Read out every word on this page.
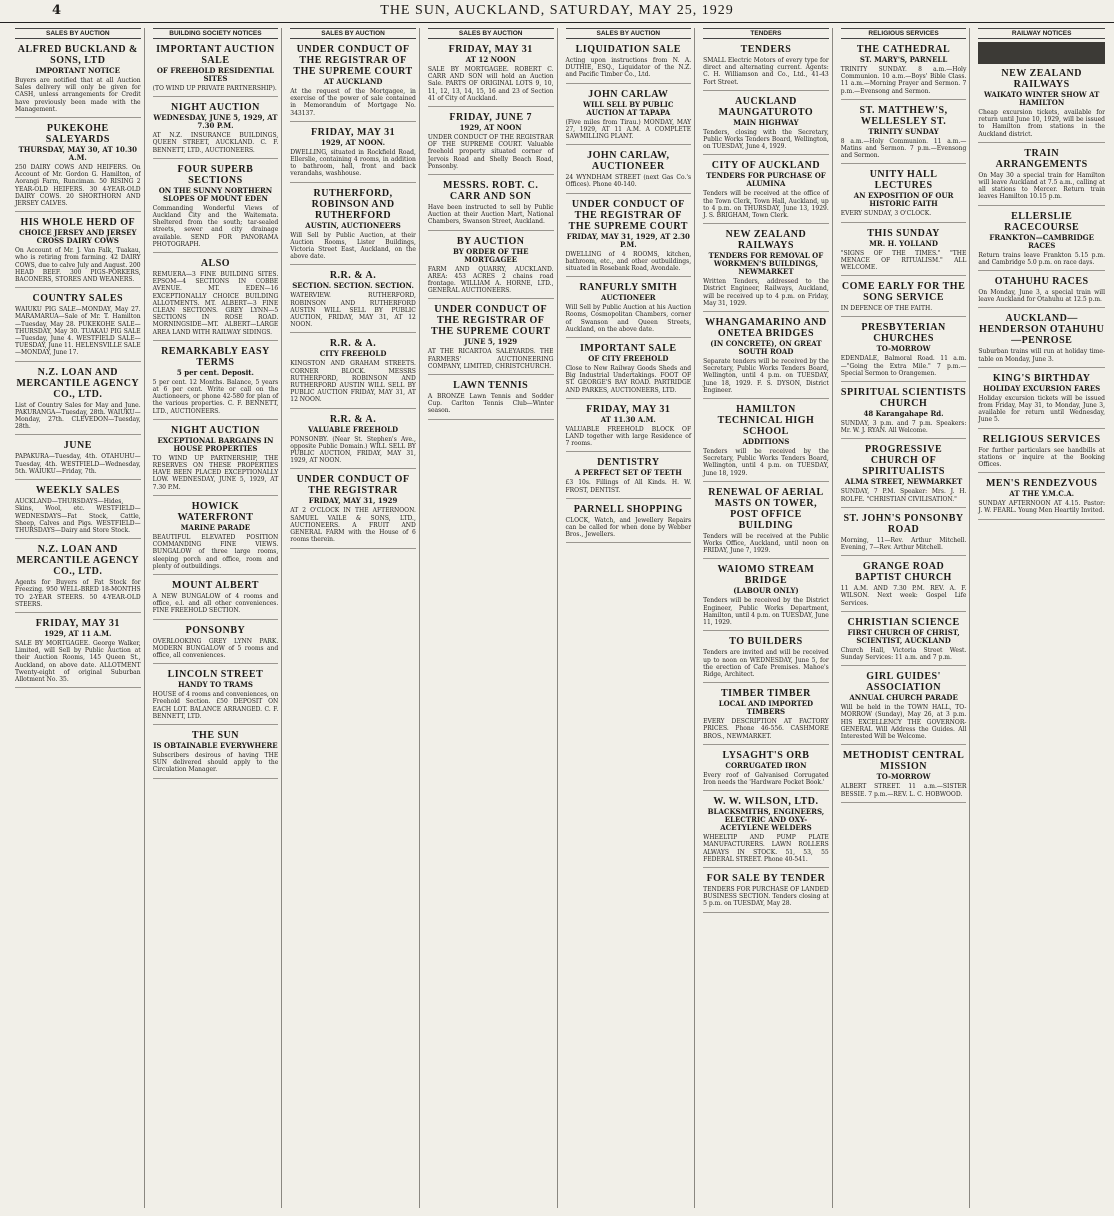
4	THE SUN, AUCKLAND, SATURDAY, MAY 25, 1929
SALES BY AUCTION
ALFRED BUCKLAND & SONS, LTD
IMPORTANT NOTICE
Buyers are notified that at all Auction Sales delivery will only be given for CASH, unless arrangements for Credit have previously been made with the Management.
PUKEKOHE SALEYARDS
THURSDAY, MAY 30, AT 10.30 A.M.
250 DAIRY COWS AND HEIFERS. On Account of Mr. Gordon G. Hamilton, of Aorangi Farm, Runciman. 50 RISING 2 YEAR-OLD HEIFERS. 30 4-YEAR-OLD DAIRY COWS. 20 SHORTHORN AND JERSEY CALVES.
HIS WHOLE HERD OF
CHOICE JERSEY AND JERSEY CROSS DAIRY COWS
On Account of Mr. J. Van Falk, Tuakau, who is retiring from farming. 42 DAIRY COWS, due to calve July and August. 200 HEAD BEEF. 300 PIGS-PORKERS, BACONERS, STORES AND WEANERS.
COUNTRY SALES
WAIUKU PIG SALE—MONDAY, May 27. MARAMARUA—Sale of Mr. T. Hamilton—Tuesday, May 28. PUKEKOHE SALE—THURSDAY, May 30. TUAKAU PIG SALE—Tuesday, June 4. WESTFIELD SALE—TUESDAY, June 11. HELENSVILLE SALE—MONDAY, June 17.
N.Z. LOAN AND MERCANTILE AGENCY CO., LTD.
List of Country Sales for May and June. PAKURANGA—Tuesday, 28th. WAIUKU—Monday, 27th. CLEVEDON—Tuesday, 28th.
JUNE
PAPAKURA—Tuesday, 4th. OTAHUHU—Tuesday, 4th. WESTFIELD—Wednesday, 5th. WAIUKU—Friday, 7th.
WEEKLY SALES
AUCKLAND—THURSDAYS—Hides, Skins, Wool, etc. WESTFIELD—WEDNESDAYS—Fat Stock, Cattle, Sheep, Calves and Pigs. WESTFIELD—THURSDAYS—Dairy and Store Stock.
N.Z. LOAN AND MERCANTILE AGENCY CO., LTD.
Agents for Buyers of Fat Stock for Freezing. 950 WELL-BRED 18-MONTHS TO 2-YEAR STEERS. 50 4-YEAR-OLD STEERS.
FRIDAY, MAY 31
1929, AT 11 A.M.
SALE BY MORTGAGEE. George Walker, Limited, will Sell by Public Auction at their Auction Rooms, 145 Queen St., Auckland, on above date. ALLOTMENT Twenty-eight of original Suburban Allotment No. 35.
BUILDING SOCIETY NOTICES
IMPORTANT AUCTION SALE
OF FREEHOLD RESIDENTIAL SITES
(TO WIND UP PRIVATE PARTNERSHIP).
NIGHT AUCTION
WEDNESDAY, JUNE 5, 1929, AT 7.30 P.M.
AT N.Z. INSURANCE BUILDINGS, QUEEN STREET, AUCKLAND. C. F. BENNETT, LTD., AUCTIONEERS.
FOUR SUPERB SECTIONS
ON THE SUNNY NORTHERN SLOPES OF MOUNT EDEN
Commanding Wonderful Views of Auckland City and the Waitemata. Sheltered from the south; tar-sealed streets, sewer and city drainage available. SEND FOR PANORAMA PHOTOGRAPH.
ALSO
REMUERA—3 FINE BUILDING SITES. EPSOM—4 SECTIONS IN COBBE AVENUE. MT. EDEN—16 EXCEPTIONALLY CHOICE BUILDING ALLOTMENTS. MT. ALBERT—3 FINE CLEAN SECTIONS. GREY LYNN—5 SECTIONS IN ROSE ROAD. MORNINGSIDE—MT. ALBERT—LARGE AREA LAND WITH RAILWAY SIDINGS.
REMARKABLY EASY TERMS
5 per cent. Deposit.
5 per cent. 12 Months. Balance, 5 years at 6 per cent. Write or call on the Auctioneers, or phone 42-580 for plan of the various properties. C. F. BENNETT, LTD., AUCTIONEERS.
NIGHT AUCTION
EXCEPTIONAL BARGAINS IN HOUSE PROPERTIES
TO WIND UP PARTNERSHIP, THE RESERVES ON THESE PROPERTIES HAVE BEEN PLACED EXCEPTIONALLY LOW. WEDNESDAY, JUNE 5, 1929, AT 7.30 P.M.
HOWICK WATERFRONT
MARINE PARADE
BEAUTIFUL ELEVATED POSITION COMMANDING FINE VIEWS. BUNGALOW of three large rooms, sleeping porch and office, room and plenty of outbuildings.
MOUNT ALBERT
A NEW BUNGALOW of 4 rooms and office, e.l. and all other conveniences. FINE FREEHOLD SECTION.
PONSONBY
OVERLOOKING GREY LYNN PARK. MODERN BUNGALOW of 5 rooms and office, all conveniences.
LINCOLN STREET
HANDY TO TRAMS
HOUSE of 4 rooms and conveniences, on Freehold Section. £50 DEPOSIT ON EACH LOT. BALANCE ARRANGED. C. F. BENNETT, LTD.
THE SUN
IS OBTAINABLE EVERYWHERE
Subscribers desirous of having THE SUN delivered should apply to the Circulation Manager.
SALES BY AUCTION
UNDER CONDUCT OF THE REGISTRAR OF THE SUPREME COURT
AT AUCKLAND
At the request of the Mortgagee, in exercise of the power of sale contained in Memorandum of Mortgage No. 343137.
FRIDAY, MAY 31
1929, AT NOON.
DWELLING, situated in Rockfield Road, Ellerslie, containing 4 rooms, in addition to bathroom, hall, front and back verandahs, washhouse.
RUTHERFORD, ROBINSON AND RUTHERFORD
AUSTIN, AUCTIONEERS
Will Sell by Public Auction, at their Auction Rooms, Lister Buildings, Victoria Street East, Auckland, on the above date.
R.R. & A.
SECTION. SECTION. SECTION.
WATERVIEW. RUTHERFORD, ROBINSON AND RUTHERFORD AUSTIN WILL SELL BY PUBLIC AUCTION, FRIDAY, MAY 31, AT 12 NOON.
R.R. & A.
CITY FREEHOLD
KINGSTON AND GRAHAM STREETS. CORNER BLOCK. MESSRS RUTHERFORD, ROBINSON AND RUTHERFORD AUSTIN WILL SELL BY PUBLIC AUCTION FRIDAY, MAY 31, AT 12 NOON.
R.R. & A.
VALUABLE FREEHOLD
PONSONBY. (Near St. Stephen's Ave., opposite Public Domain.) WILL SELL BY PUBLIC AUCTION, FRIDAY, MAY 31, 1929, AT NOON.
UNDER CONDUCT OF THE REGISTRAR
FRIDAY, MAY 31, 1929
AT 2 O'CLOCK IN THE AFTERNOON. SAMUEL VAILE & SONS, LTD., AUCTIONEERS. A FRUIT AND GENERAL FARM with the House of 6 rooms therein.
SALES BY AUCTION
FRIDAY, MAY 31
AT 12 NOON
SALE BY MORTGAGEE. ROBERT C. CARR AND SON will hold an Auction Sale. PARTS OF ORIGINAL LOTS 9, 10, 11, 12, 13, 14, 15, 16 and 23 of Section 41 of City of Auckland.
FRIDAY, JUNE 7
1929, AT NOON
UNDER CONDUCT OF THE REGISTRAR OF THE SUPREME COURT. Valuable freehold property situated corner of Jervois Road and Shelly Beach Road, Ponsonby.
MESSRS. ROBT. C. CARR AND SON
Have been instructed to sell by Public Auction at their Auction Mart, National Chambers, Swanson Street, Auckland.
BY AUCTION
BY ORDER OF THE MORTGAGEE
FARM AND QUARRY, AUCKLAND. AREA: 453 ACRES 2 chains road frontage. WILLIAM A. HORNE, LTD., GENERAL AUCTIONEERS.
UNDER CONDUCT OF THE REGISTRAR OF THE SUPREME COURT
JUNE 5, 1929
AT THE RICARTOA SALEYARDS. THE FARMERS' AUCTIONEERING COMPANY, LIMITED, CHRISTCHURCH.
LAWN TENNIS
A BRONZE Lawn Tennis and Sodder Cup. Carlton Tennis Club—Winter season.
SALES BY AUCTION
LIQUIDATION SALE
Acting upon instructions from N. A. DUTHIE, ESQ., Liquidator of the N.Z. and Pacific Timber Co., Ltd.
JOHN CARLAW
WILL SELL BY PUBLIC AUCTION AT TAPAPA
(Five miles from Tirau.) MONDAY, MAY 27, 1929, AT 11 A.M. A COMPLETE SAWMILLING PLANT.
JOHN CARLAW, AUCTIONEER
24 WYNDHAM STREET (next Gas Co.'s Offices). Phone 40-140.
UNDER CONDUCT OF THE REGISTRAR OF THE SUPREME COURT
FRIDAY, MAY 31, 1929, AT 2.30 P.M.
DWELLING of 4 ROOMS, kitchen, bathroom, etc., and other outbuildings, situated in Rosebank Road, Avondale.
RANFURLY SMITH
AUCTIONEER
Will Sell by Public Auction at his Auction Rooms, Cosmopolitan Chambers, corner of Swanson and Queen Streets, Auckland, on the above date.
IMPORTANT SALE
OF CITY FREEHOLD
Close to New Railway Goods Sheds and Big Industrial Undertakings. FOOT OF ST. GEORGE'S BAY ROAD. PARTRIDGE AND PARKES, AUCTIONEERS, LTD.
FRIDAY, MAY 31
AT 11.30 A.M.
VALUABLE FREEHOLD BLOCK OF LAND together with large Residence of 7 rooms.
DENTISTRY
A PERFECT SET OF TEETH
£3 10s. Fillings of All Kinds. H. W. FROST, DENTIST.
PARNELL SHOPPING
CLOCK, Watch, and Jewellery Repairs can be called for when done by Webber Bros., Jewellers.
TENDERS
TENDERS
SMALL Electric Motors of every type for direct and alternating current. Agents: C. H. Williamson and Co., Ltd., 41-43 Fort Street.
AUCKLAND MAUNGATUROTO
MAIN HIGHWAY
Tenders, closing with the Secretary, Public Works Tenders Board, Wellington, on TUESDAY, June 4, 1929.
CITY OF AUCKLAND
TENDERS FOR PURCHASE OF ALUMINA
Tenders will be received at the office of the Town Clerk, Town Hall, Auckland, up to 4 p.m. on THURSDAY, June 13, 1929. J. S. BRIGHAM, Town Clerk.
NEW ZEALAND RAILWAYS
TENDERS FOR REMOVAL OF WORKMEN'S BUILDINGS, NEWMARKET
Written Tenders, addressed to the District Engineer, Railways, Auckland, will be received up to 4 p.m. on Friday, May 31, 1929.
WHANGAMARINO AND ONETEA BRIDGES
(IN CONCRETE), ON GREAT SOUTH ROAD
Separate tenders will be received by the Secretary, Public Works Tenders Board, Wellington, until 4 p.m. on TUESDAY, June 18, 1929. F. S. DYSON, District Engineer.
HAMILTON TECHNICAL HIGH SCHOOL
ADDITIONS
Tenders will be received by the Secretary, Public Works Tenders Board, Wellington, until 4 p.m. on TUESDAY, June 18, 1929.
RENEWAL OF AERIAL MASTS ON TOWER, POST OFFICE BUILDING
Tenders will be received at the Public Works Office, Auckland, until noon on FRIDAY, June 7, 1929.
WAIOMO STREAM BRIDGE
(LABOUR ONLY)
Tenders will be received by the District Engineer, Public Works Department, Hamilton, until 4 p.m. on TUESDAY, June 11, 1929.
TO BUILDERS
Tenders are invited and will be received up to noon on WEDNESDAY, June 5, for the erection of Cafe Premises. Mahoe's Ridge, Architect.
TIMBER TIMBER
LOCAL AND IMPORTED TIMBERS
EVERY DESCRIPTION AT FACTORY PRICES. Phone 46-556. CASHMORE BROS., NEWMARKET.
LYSAGHT'S ORB
CORRUGATED IRON
Every roof of Galvanised Corrugated Iron needs the 'Hardware Pocket Book.'
W. W. WILSON, LTD.
BLACKSMITHS, ENGINEERS, ELECTRIC AND OXY-ACETYLENE WELDERS
WHEELTIP AND PUMP PLATE MANUFACTURERS. LAWN ROLLERS ALWAYS IN STOCK. 51, 53, 55 FEDERAL STREET. Phone 40-541.
FOR SALE BY TENDER
TENDERS FOR PURCHASE OF LANDED BUSINESS SECTION. Tenders closing at 5 p.m. on TUESDAY, May 28.
RELIGIOUS SERVICES
THE CATHEDRAL
ST. MARY'S, PARNELL
TRINITY SUNDAY. 8 a.m.—Holy Communion. 10 a.m.—Boys' Bible Class. 11 a.m.—Morning Prayer and Sermon. 7 p.m.—Evensong and Sermon.
ST. MATTHEW'S, WELLESLEY ST.
TRINITY SUNDAY
8 a.m.—Holy Communion. 11 a.m.—Matins and Sermon. 7 p.m.—Evensong and Sermon.
UNITY HALL LECTURES
AN EXPOSITION OF OUR HISTORIC FAITH
EVERY SUNDAY, 3 O'CLOCK.
THIS SUNDAY
MR. H. YOLLAND
"SIGNS OF THE TIMES." "THE MENACE OF RITUALISM." ALL WELCOME.
COME EARLY FOR THE SONG SERVICE
IN DEFENCE OF THE FAITH.
PRESBYTERIAN CHURCHES
TO-MORROW
EDENDALE, Balmoral Road. 11 a.m.—"Going the Extra Mile." 7 p.m.—Special Sermon to Orangemen.
SPIRITUAL SCIENTISTS CHURCH
48 Karangahape Rd.
SUNDAY, 3 p.m. and 7 p.m. Speakers: Mr. W. J. RYAN. All Welcome.
PROGRESSIVE CHURCH OF SPIRITUALISTS
ALMA STREET, NEWMARKET
SUNDAY, 7 P.M. Speaker: Mrs. J. H. ROLFE. "CHRISTIAN CIVILISATION."
ST. JOHN'S PONSONBY ROAD
Morning, 11—Rev. Arthur Mitchell. Evening, 7—Rev. Arthur Mitchell.
GRANGE ROAD BAPTIST CHURCH
11 A.M. AND 7.30 P.M. REV. A. F. WILSON. Next week: Gospel Life Services.
CHRISTIAN SCIENCE
FIRST CHURCH OF CHRIST, SCIENTIST, AUCKLAND
Church Hall, Victoria Street West. Sunday Services: 11 a.m. and 7 p.m.
GIRL GUIDES' ASSOCIATION
ANNUAL CHURCH PARADE
Will be held in the TOWN HALL, TO-MORROW (Sunday), May 26, at 3 p.m. HIS EXCELLENCY THE GOVERNOR-GENERAL Will Address the Guides. All Interested Will be Welcome.
METHODIST CENTRAL MISSION
TO-MORROW
ALBERT STREET. 11 a.m.—SISTER BESSIE. 7 p.m.—REV. L. C. HOBWOOD.
RAILWAY NOTICES
NEW ZEALAND RAILWAYS
WAIKATO WINTER SHOW AT HAMILTON
Cheap excursion tickets, available for return until June 10, 1929, will be issued to Hamilton from stations in the Auckland district.
TRAIN ARRANGEMENTS
On May 30 a special train for Hamilton will leave Auckland at 7.5 a.m., calling at all stations to Mercer. Return train leaves Hamilton 10.15 p.m.
ELLERSLIE RACECOURSE
FRANKTON—CAMBRIDGE RACES
Return trains leave Frankton 5.15 p.m. and Cambridge 5.0 p.m. on race days.
OTAHUHU RACES
On Monday, June 3, a special train will leave Auckland for Otahuhu at 12.5 p.m.
AUCKLAND—HENDERSON OTAHUHU—PENROSE
Suburban trains will run at holiday time-table on Monday, June 3.
KING'S BIRTHDAY
HOLIDAY EXCURSION FARES
Holiday excursion tickets will be issued from Friday, May 31, to Monday, June 3, available for return until Wednesday, June 5.
RELIGIOUS SERVICES
For further particulars see handbills at stations or inquire at the Booking Offices.
MEN'S RENDEZVOUS
AT THE Y.M.C.A.
SUNDAY AFTERNOON AT 4.15. Pastor: J. W. FEARL. Young Men Heartily Invited.
